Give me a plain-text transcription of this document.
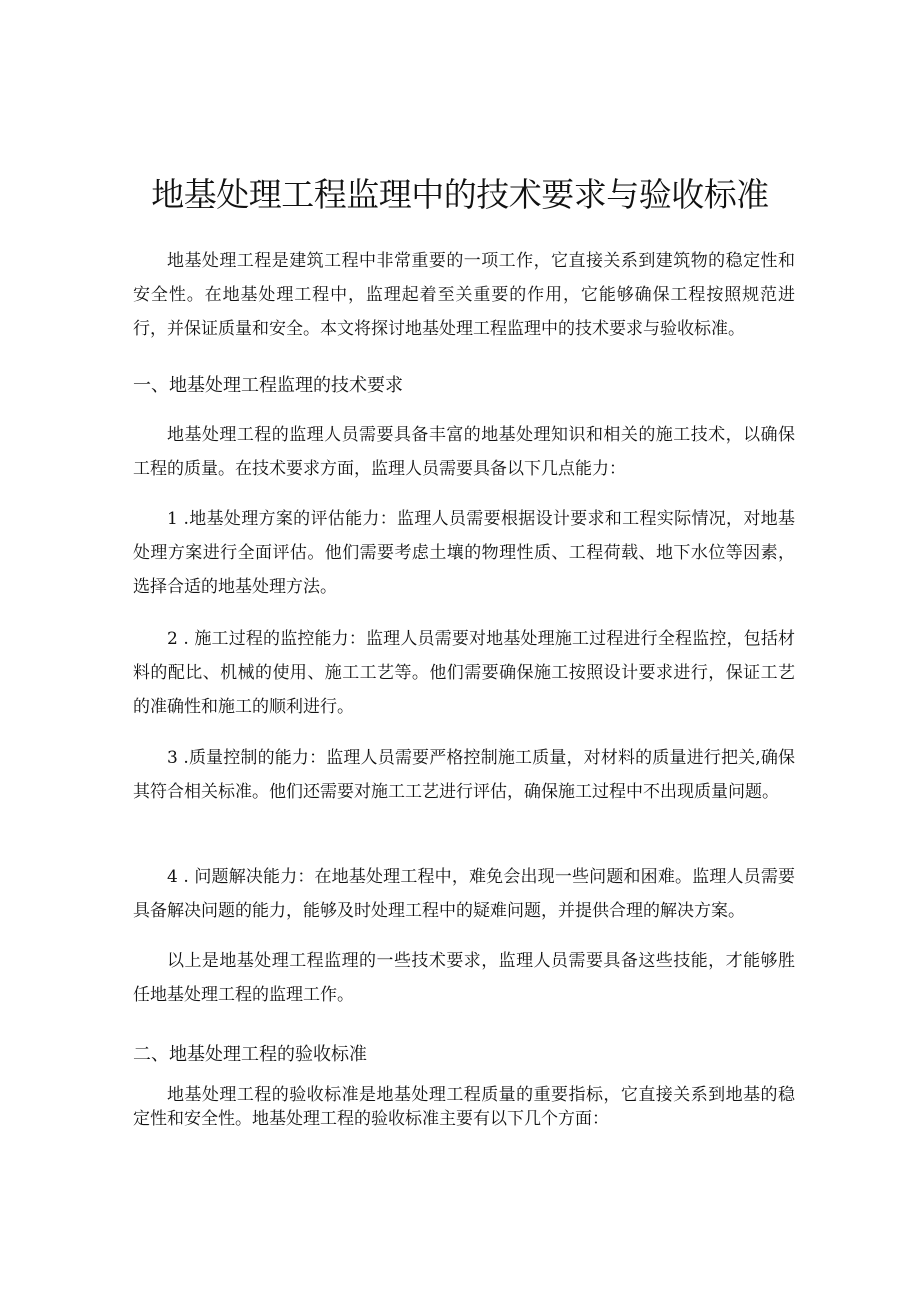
地基处理工程监理中的技术要求与验收标准

地基处理工程是建筑工程中非常重要的一项工作，它直接关系到建筑物的稳定性和安全性。在地基处理工程中，监理起着至关重要的作用，它能够确保工程按照规范进行，并保证质量和安全。本文将探讨地基处理工程监理中的技术要求与验收标准。

一、地基处理工程监理的技术要求

地基处理工程的监理人员需要具备丰富的地基处理知识和相关的施工技术，以确保工程的质量。在技术要求方面，监理人员需要具备以下几点能力：

1 .地基处理方案的评估能力：监理人员需要根据设计要求和工程实际情况，对地基处理方案进行全面评估。他们需要考虑土壤的物理性质、工程荷载、地下水位等因素，选择合适的地基处理方法。

2 . 施工过程的监控能力：监理人员需要对地基处理施工过程进行全程监控，包括材料的配比、机械的使用、施工工艺等。他们需要确保施工按照设计要求进行，保证工艺的准确性和施工的顺利进行。

3 .质量控制的能力：监理人员需要严格控制施工质量，对材料的质量进行把关,确保其符合相关标准。他们还需要对施工工艺进行评估，确保施工过程中不出现质量问题。

4 . 问题解决能力：在地基处理工程中，难免会出现一些问题和困难。监理人员需要具备解决问题的能力，能够及时处理工程中的疑难问题，并提供合理的解决方案。

以上是地基处理工程监理的一些技术要求，监理人员需要具备这些技能，才能够胜任地基处理工程的监理工作。

二、地基处理工程的验收标准

地基处理工程的验收标准是地基处理工程质量的重要指标，它直接关系到地基的稳定性和安全性。地基处理工程的验收标准主要有以下几个方面：
